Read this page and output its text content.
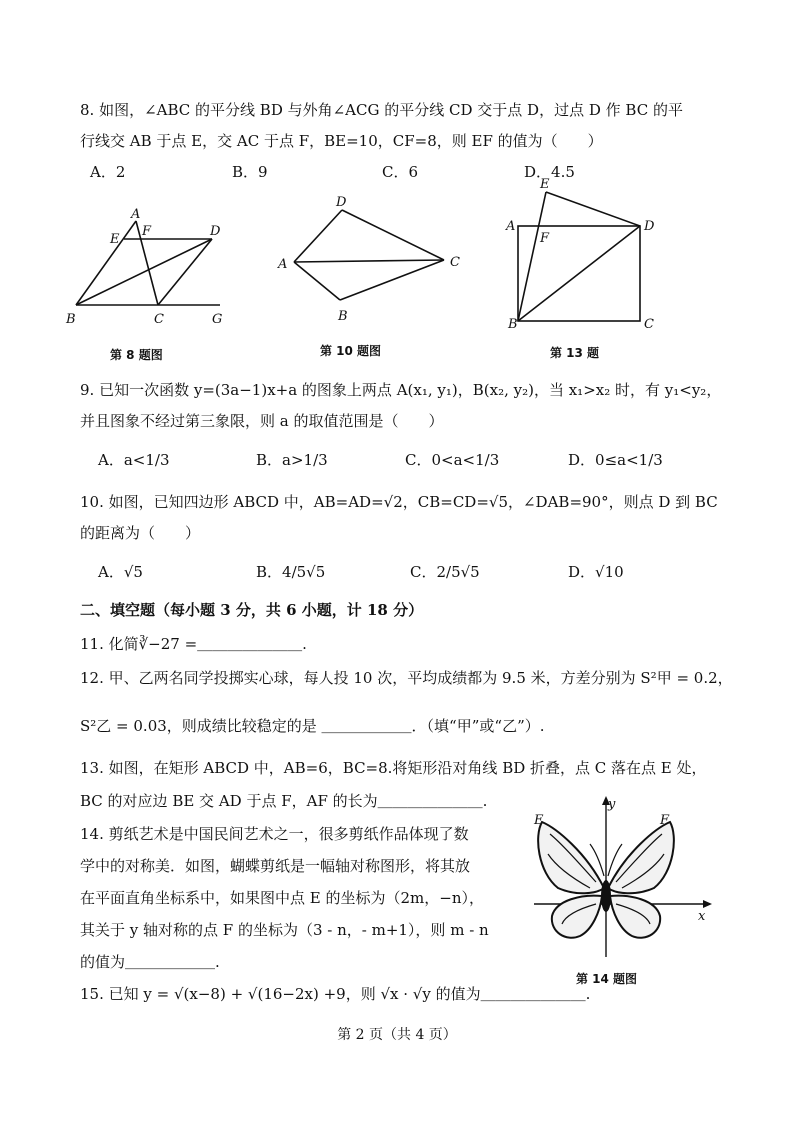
8. 如图，∠ABC 的平分线 BD 与外角∠ACG 的平分线 CD 交于点 D，过点 D 作 BC 的平
行线交 AB 于点 E，交 AC 于点 F，BE=10，CF=8，则 EF 的值为（　　）
A．2	B．9	C．6	D．4.5
A
E
F	D
B	C	G
第 8 题图
D
A	C
B
第 10 题图
E
A
F
D
B	C
第 13 题
9. 已知一次函数 y=(3a−1)x+a 的图象上两点 A(x₁, y₁)，B(x₂, y₂)，当 x₁>x₂ 时，有 y₁<y₂，
并且图象不经过第三象限，则 a 的取值范围是（　　）
A．a<1/3	B．a>1/3	C．0<a<1/3	D．0≤a<1/3
10. 如图，已知四边形 ABCD 中，AB=AD=√2，CB=CD=√5，∠DAB=90°，则点 D 到 BC
的距离为（　　）
A．√5	B．4/5√5	C．2/5√5	D．√10
二、填空题（每小题 3 分，共 6 小题，计 18 分）
11. 化简∛−27 =＿＿＿＿＿＿＿.
12. 甲、乙两名同学投掷实心球，每人投 10 次，平均成绩都为 9.5 米，方差分别为 S²甲 = 0.2，
S²乙 = 0.03，则成绩比较稳定的是 ＿＿＿＿＿＿．（填“甲”或“乙”）.
13. 如图，在矩形 ABCD 中，AB=6，BC=8.将矩形沿对角线 BD 折叠，点 C 落在点 E 处，
BC 的对应边 BE 交 AD 于点 F，AF 的长为＿＿＿＿＿＿＿.
14. 剪纸艺术是中国民间艺术之一，很多剪纸作品体现了数
学中的对称美．如图，蝴蝶剪纸是一幅轴对称图形，将其放
在平面直角坐标系中，如果图中点 E 的坐标为（2m，−n），
其关于 y 轴对称的点 F 的坐标为（3 - n，- m+1），则 m - n
的值为＿＿＿＿＿＿.
y
E	F
x
第 14 题图
15. 已知 y = √(x−8) + √(16−2x) +9，则 √x · √y 的值为＿＿＿＿＿＿＿.
第 2 页（共 4 页）
